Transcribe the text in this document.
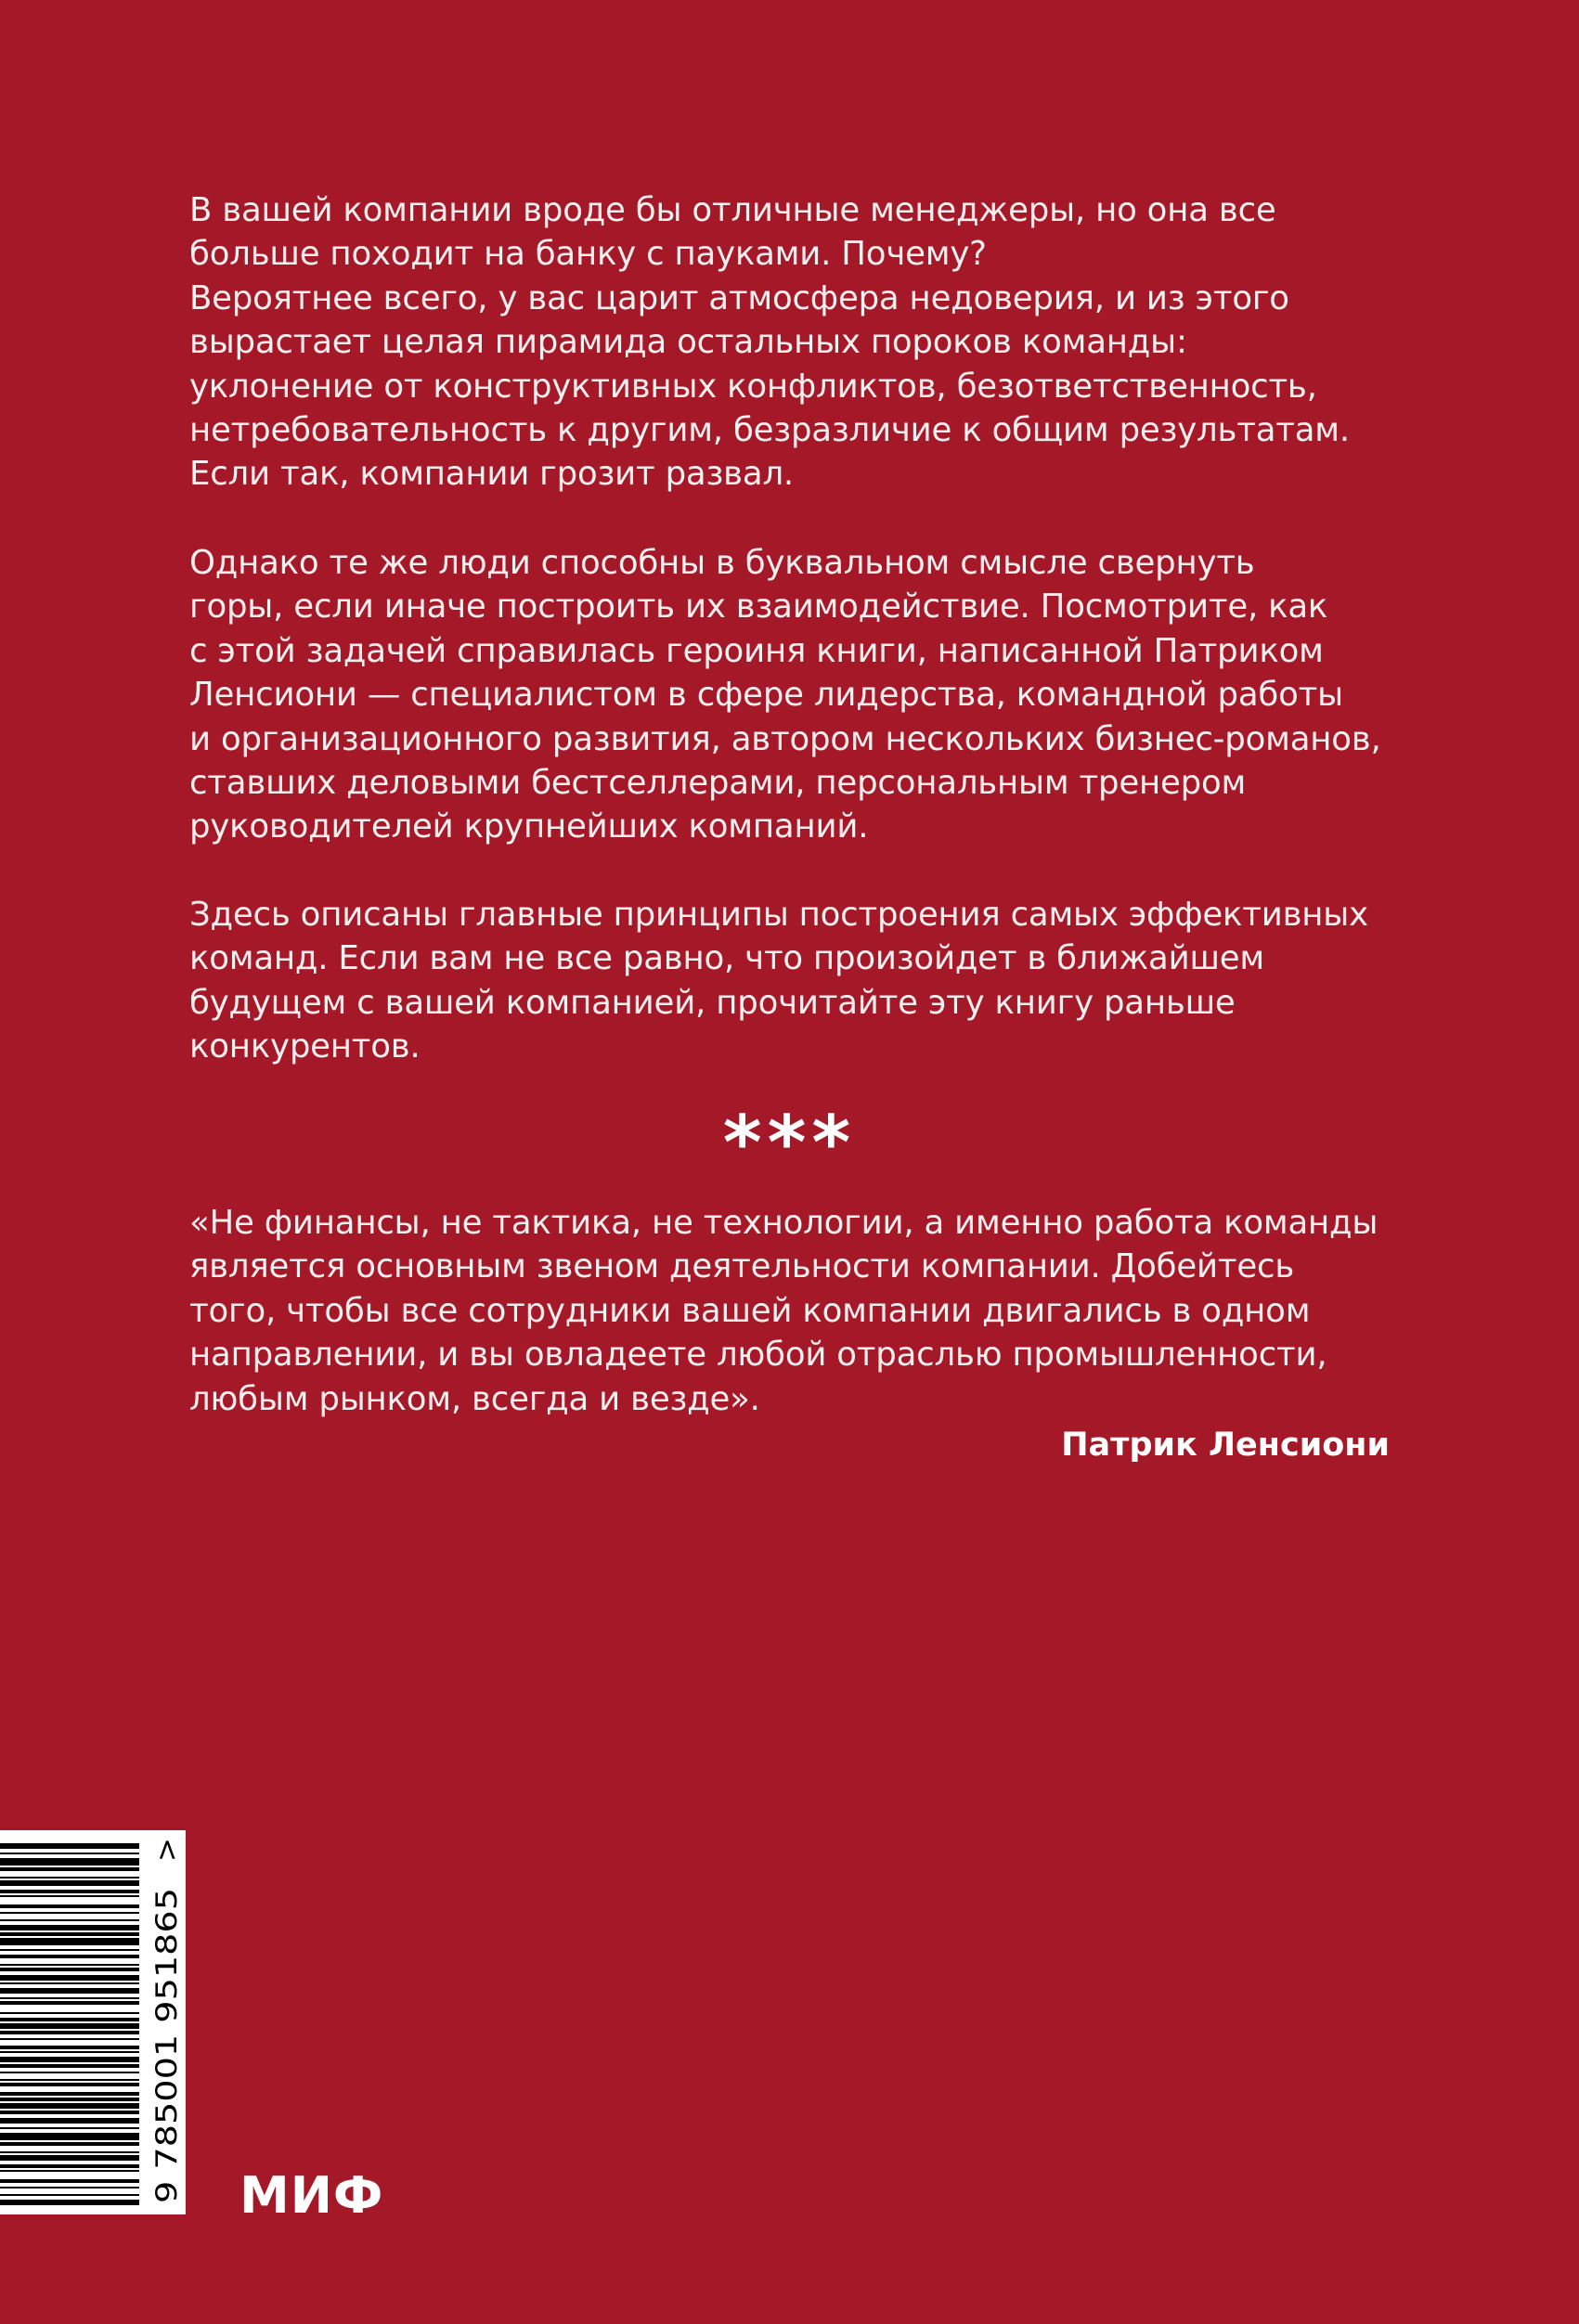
В вашей компании вроде бы отличные менеджеры, но она все
больше походит на банку с пауками. Почему?
Вероятнее всего, у вас царит атмосфера недоверия, и из этого
вырастает целая пирамида остальных пороков команды:
уклонение от конструктивных конфликтов, безответственность,
нетребовательность к другим, безразличие к общим результатам.
Если так, компании грозит развал.
Однако те же люди способны в буквальном смысле свернуть
горы, если иначе построить их взаимодействие. Посмотрите, как
с этой задачей справилась героиня книги, написанной Патриком
Ленсиони — специалистом в сфере лидерства, командной работы
и организационного развития, автором нескольких бизнес-романов,
ставших деловыми бестселлерами, персональным тренером
руководителей крупнейших компаний.
Здесь описаны главные принципы построения самых эффективных
команд. Если вам не все равно, что произойдет в ближайшем
будущем с вашей компанией, прочитайте эту книгу раньше
конкурентов.
***
«Не финансы, не тактика, не технологии, а именно работа команды
является основным звеном деятельности компании. Добейтесь
того, чтобы все сотрудники вашей компании двигались в одном
направлении, и вы овладеете любой отраслью промышленности,
любым рынком, всегда и везде».
Патрик Ленсиони
9 785001 951865
>
МИФ
